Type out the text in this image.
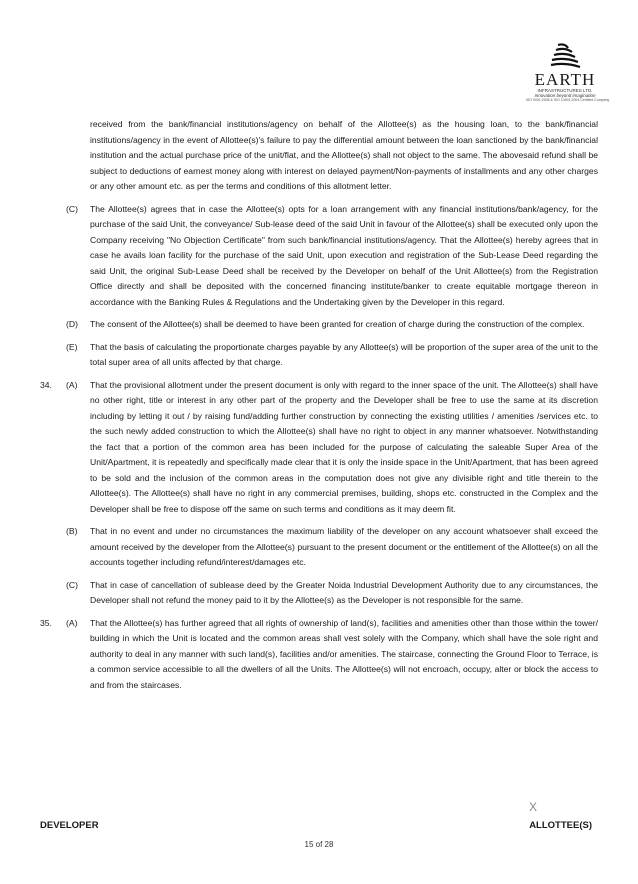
EARTH
INFRASTRUCTURES LTD.
Innovation beyond imagination
ISO 9001:2008 & ISO 14001:2004 Certified Company
received from the bank/financial institutions/agency on behalf of the Allottee(s) as the housing loan, to the bank/financial institutions/agency in the event of Allottee(s)'s failure to pay the differential amount between the loan sanctioned by the bank/financial institution and the actual purchase price of the unit/flat, and the Allottee(s) shall not object to the same. The abovesaid refund shall be subject to deductions of earnest money along with interest on delayed payment/Non-payments of installments and any other charges or any other amount etc. as per the terms and conditions of this allotment letter.
(C)	The Allottee(s) agrees that in case the Allottee(s) opts for a loan arrangement with any financial institutions/bank/agency, for the purchase of the said Unit, the conveyance/ Sub-lease deed of the said Unit in favour of the Allottee(s) shall be executed only upon the Company receiving "No Objection Certificate" from such bank/financial institutions/agency. That the Allottee(s) hereby agrees that in case he avails loan facility for the purchase of the said Unit, upon execution and registration of the Sub-Lease Deed regarding the said Unit, the original Sub-Lease Deed shall be received by the Developer on behalf of the Unit Allottee(s) from the Registration Office directly and shall be deposited with the concerned financing institute/banker to create equitable mortgage thereon in accordance with the Banking Rules & Regulations and the Undertaking given by the Developer in this regard.
(D)	The consent of the Allottee(s) shall be deemed to have been granted for creation of charge during the construction of the complex.
(E)	That the basis of calculating the proportionate charges payable by any Allottee(s) will be proportion of the super area of the unit to the total super area of all units affected by that charge.
34.	(A)	That the provisional allotment under the present document is only with regard to the inner space of the unit. The Allottee(s) shall have no other right, title or interest in any other part of the property and the Developer shall be free to use the same at its discretion including by letting it out / by raising fund/adding further construction by connecting the existing utilities / amenities /services etc. to the such newly added construction to which the Allottee(s) shall have no right to object in any manner whatsoever. Notwithstanding the fact that a portion of the common area has been included for the purpose of calculating the saleable Super Area of the Unit/Apartment, it is repeatedly and specifically made clear that it is only the inside space in the Unit/Apartment, that has been agreed to be sold and the inclusion of the common areas in the computation does not give any divisible right and title therein to the Allottee(s). The Allottee(s) shall have no right in any commercial premises, building, shops etc. constructed in the Complex and the Developer shall be free to dispose off the same on such terms and conditions as it may deem fit.
(B)	That in no event and under no circumstances the maximum liability of the developer on any account whatsoever shall exceed the amount received by the developer from the Allottee(s) pursuant to the present document or the entitlement of the Allottee(s) on all the accounts together including refund/interest/damages etc.
(C)	That in case of cancellation of sublease deed by the Greater Noida Industrial Development Authority due to any circumstances, the Developer shall not refund the money paid to it by the Allottee(s) as the Developer is not responsible for the same.
35.	(A)	That the Allottee(s) has further agreed that all rights of ownership of land(s), facilities and amenities other than those within the tower/ building in which the Unit is located and the common areas shall vest solely with the Company, which shall have the sole right and authority to deal in any manner with such land(s), facilities and/or amenities. The staircase, connecting the Ground Floor to Terrace, is a common service accessible to all the dwellers of all the Units. The Allottee(s) will not encroach, occupy, alter or block the access to and from the staircases.
X
DEVELOPER	ALLOTTEE(S)
15 of 28
